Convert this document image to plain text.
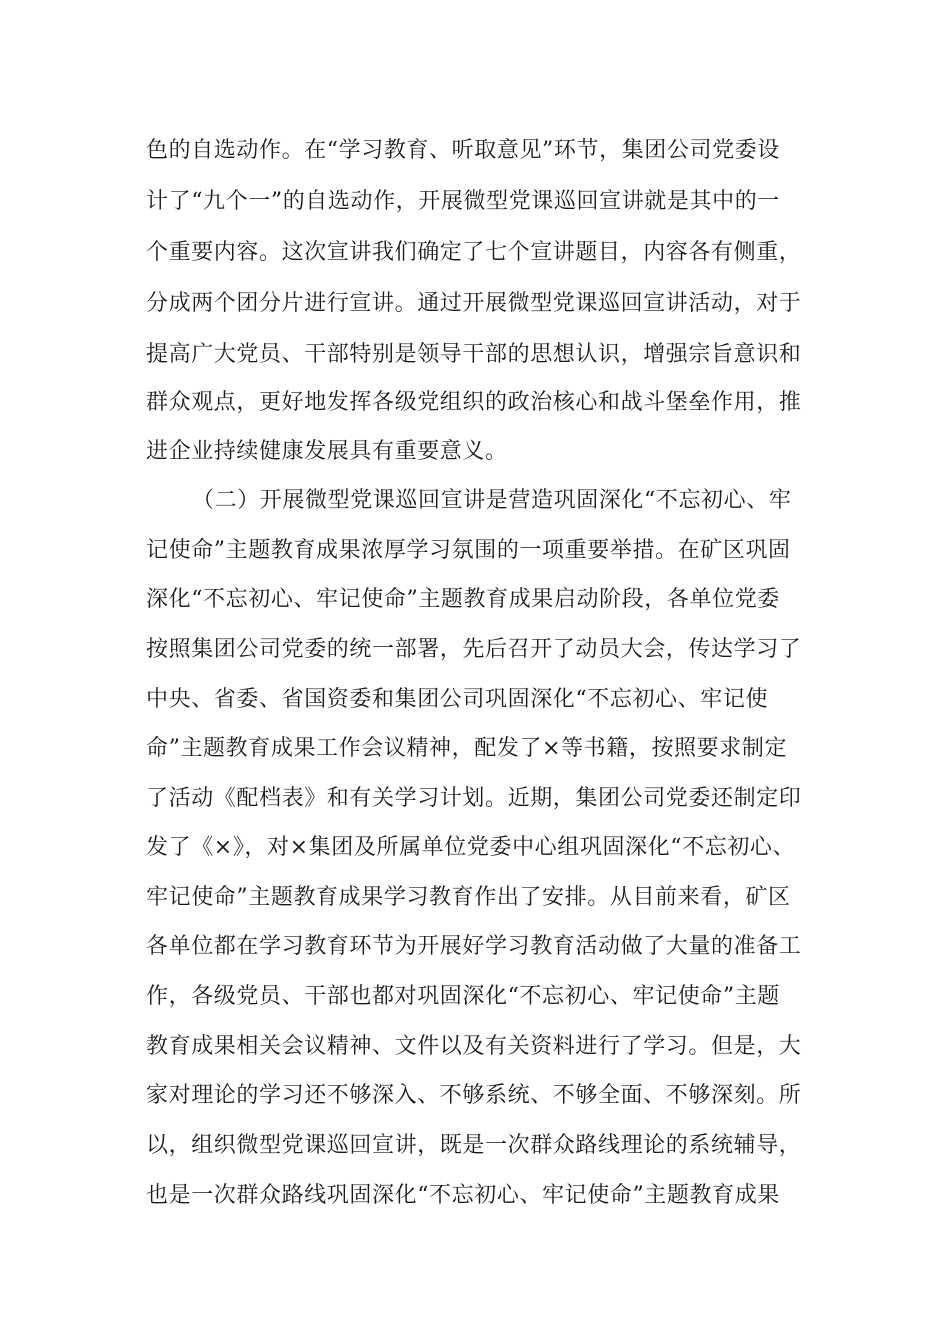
色的自选动作。在“学习教育、听取意见”环节，集团公司党委设
计了“九个一”的自选动作，开展微型党课巡回宣讲就是其中的一
个重要内容。这次宣讲我们确定了七个宣讲题目，内容各有侧重，
分成两个团分片进行宣讲。通过开展微型党课巡回宣讲活动，对于
提高广大党员、干部特别是领导干部的思想认识，增强宗旨意识和
群众观点，更好地发挥各级党组织的政治核心和战斗堡垒作用，推
进企业持续健康发展具有重要意义。
（二）开展微型党课巡回宣讲是营造巩固深化“不忘初心、牢
记使命”主题教育成果浓厚学习氛围的一项重要举措。在矿区巩固
深化“不忘初心、牢记使命”主题教育成果启动阶段，各单位党委
按照集团公司党委的统一部署，先后召开了动员大会，传达学习了
中央、省委、省国资委和集团公司巩固深化“不忘初心、牢记使
命”主题教育成果工作会议精神，配发了×等书籍，按照要求制定
了活动《配档表》和有关学习计划。近期，集团公司党委还制定印
发了《×》，对×集团及所属单位党委中心组巩固深化“不忘初心、
牢记使命”主题教育成果学习教育作出了安排。从目前来看，矿区
各单位都在学习教育环节为开展好学习教育活动做了大量的准备工
作，各级党员、干部也都对巩固深化“不忘初心、牢记使命”主题
教育成果相关会议精神、文件以及有关资料进行了学习。但是，大
家对理论的学习还不够深入、不够系统、不够全面、不够深刻。所
以，组织微型党课巡回宣讲，既是一次群众路线理论的系统辅导，
也是一次群众路线巩固深化“不忘初心、牢记使命”主题教育成果
